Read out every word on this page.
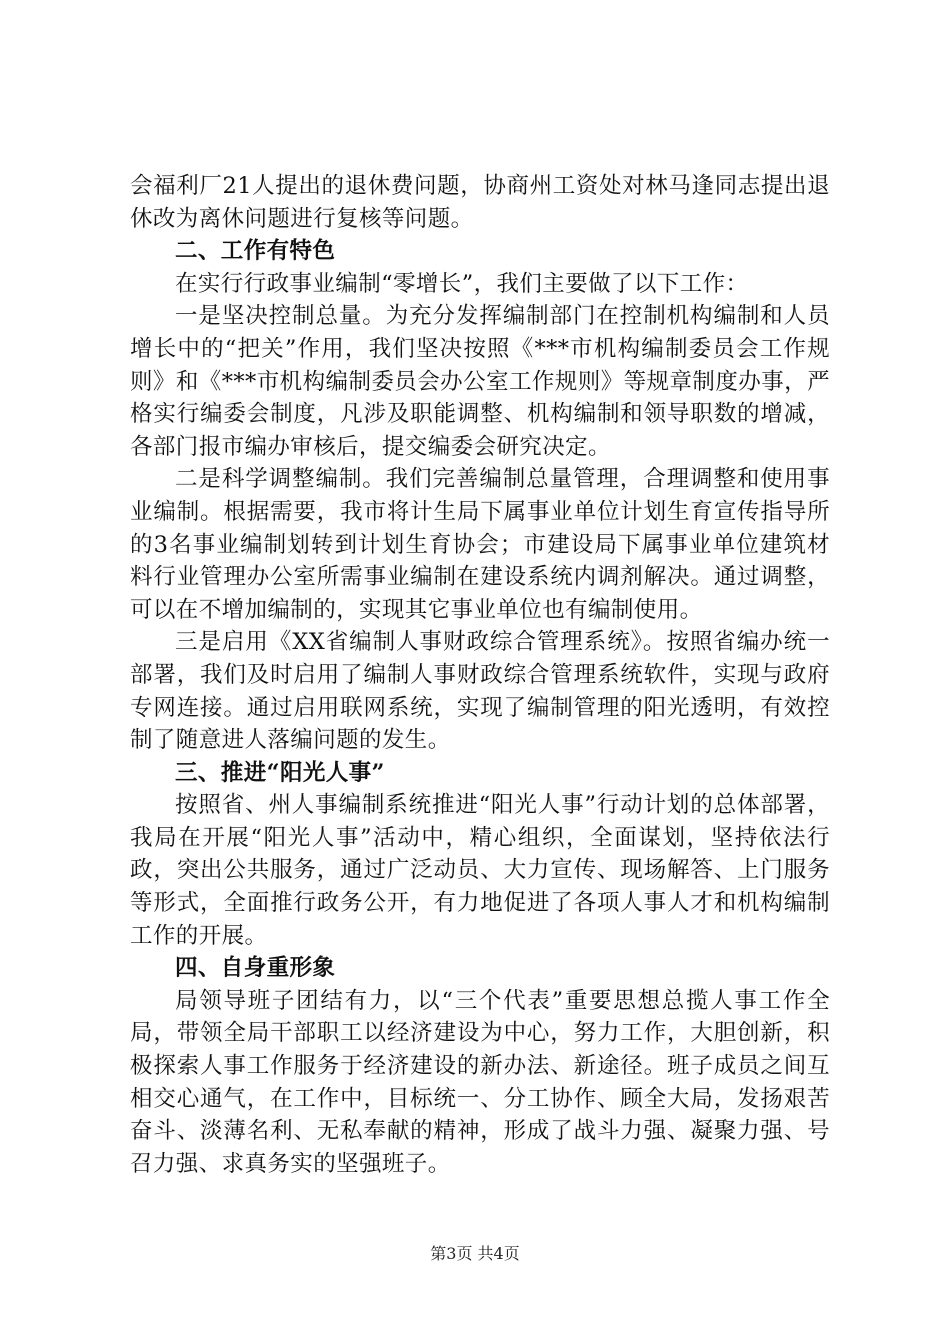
会福利厂21人提出的退休费问题，协商州工资处对林马逢同志提出退休改为离休问题进行复核等问题。

二、工作有特色

在实行行政事业编制“零增长”，我们主要做了以下工作：

一是坚决控制总量。为充分发挥编制部门在控制机构编制和人员增长中的“把关”作用，我们坚决按照《***市机构编制委员会工作规则》和《***市机构编制委员会办公室工作规则》等规章制度办事，严格实行编委会制度，凡涉及职能调整、机构编制和领导职数的增减，各部门报市编办审核后，提交编委会研究决定。

二是科学调整编制。我们完善编制总量管理，合理调整和使用事业编制。根据需要，我市将计生局下属事业单位计划生育宣传指导所的3名事业编制划转到计划生育协会；市建设局下属事业单位建筑材料行业管理办公室所需事业编制在建设系统内调剂解决。通过调整，可以在不增加编制的，实现其它事业单位也有编制使用。

三是启用《XX省编制人事财政综合管理系统》。按照省编办统一部署，我们及时启用了编制人事财政综合管理系统软件，实现与政府专网连接。通过启用联网系统，实现了编制管理的阳光透明，有效控制了随意进人落编问题的发生。

三、推进“阳光人事”

按照省、州人事编制系统推进“阳光人事”行动计划的总体部署，我局在开展“阳光人事”活动中，精心组织，全面谋划，坚持依法行政，突出公共服务，通过广泛动员、大力宣传、现场解答、上门服务等形式，全面推行政务公开，有力地促进了各项人事人才和机构编制工作的开展。

四、自身重形象

局领导班子团结有力，以“三个代表”重要思想总揽人事工作全局，带领全局干部职工以经济建设为中心，努力工作，大胆创新，积极探索人事工作服务于经济建设的新办法、新途径。班子成员之间互相交心通气，在工作中，目标统一、分工协作、顾全大局，发扬艰苦奋斗、淡薄名利、无私奉献的精神，形成了战斗力强、凝聚力强、号召力强、求真务实的坚强班子。

第3页 共4页
